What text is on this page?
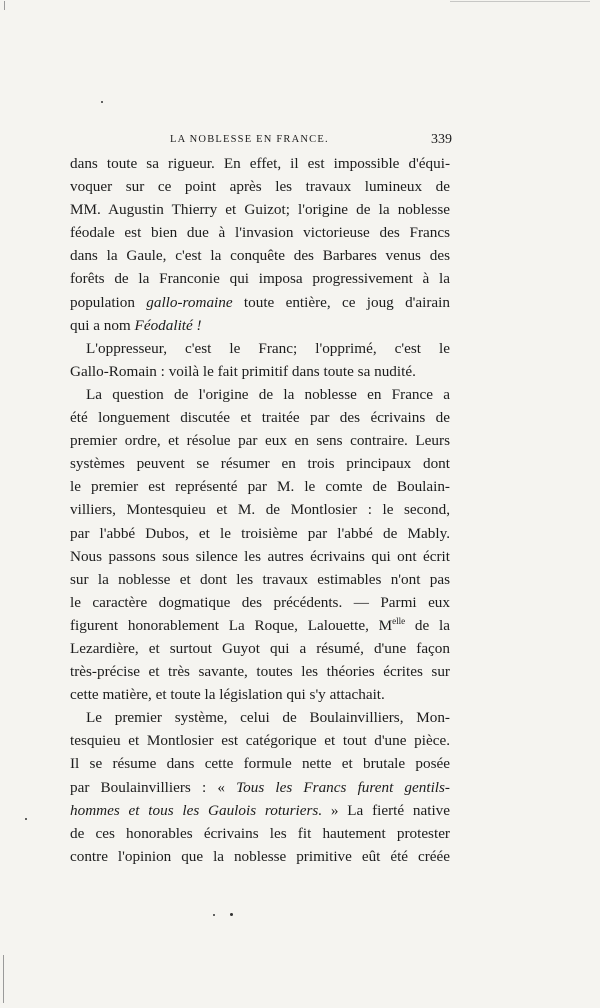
LA NOBLESSE EN FRANCE.	339
dans toute sa rigueur. En effet, il est impossible d'équi-
voquer sur ce point après les travaux lumineux de
MM. Augustin Thierry et Guizot; l'origine de la noblesse
féodale est bien due à l'invasion victorieuse des Francs
dans la Gaule, c'est la conquête des Barbares venus des
forêts de la Franconie qui imposa progressivement à la
population gallo-romaine toute entière, ce joug d'airain
qui a nom Féodalité !
L'oppresseur, c'est le Franc; l'opprimé, c'est le
Gallo-Romain : voilà le fait primitif dans toute sa nudité.
La question de l'origine de la noblesse en France a
été longuement discutée et traitée par des écrivains de
premier ordre, et résolue par eux en sens contraire. Leurs
systèmes peuvent se résumer en trois principaux dont
le premier est représenté par M. le comte de Boulain-
villiers, Montesquieu et M. de Montlosier : le second,
par l'abbé Dubos, et le troisième par l'abbé de Mably.
Nous passons sous silence les autres écrivains qui ont écrit
sur la noblesse et dont les travaux estimables n'ont pas
le caractère dogmatique des précédents. — Parmi eux
figurent honorablement La Roque, Lalouette, $M^{elle}$ de la
Lezardière, et surtout Guyot qui a résumé, d'une façon
très-précise et très savante, toutes les théories écrites sur
cette matière, et toute la législation qui s'y attachait.
Le premier système, celui de Boulainvilliers, Mon-
tesquieu et Montlosier est catégorique et tout d'une pièce.
Il se résume dans cette formule nette et brutale posée
par Boulainvilliers : « Tous les Francs furent gentils-
hommes et tous les Gaulois roturiers. » La fierté native
de ces honorables écrivains les fit hautement protester
contre l'opinion que la noblesse primitive eût été créée
